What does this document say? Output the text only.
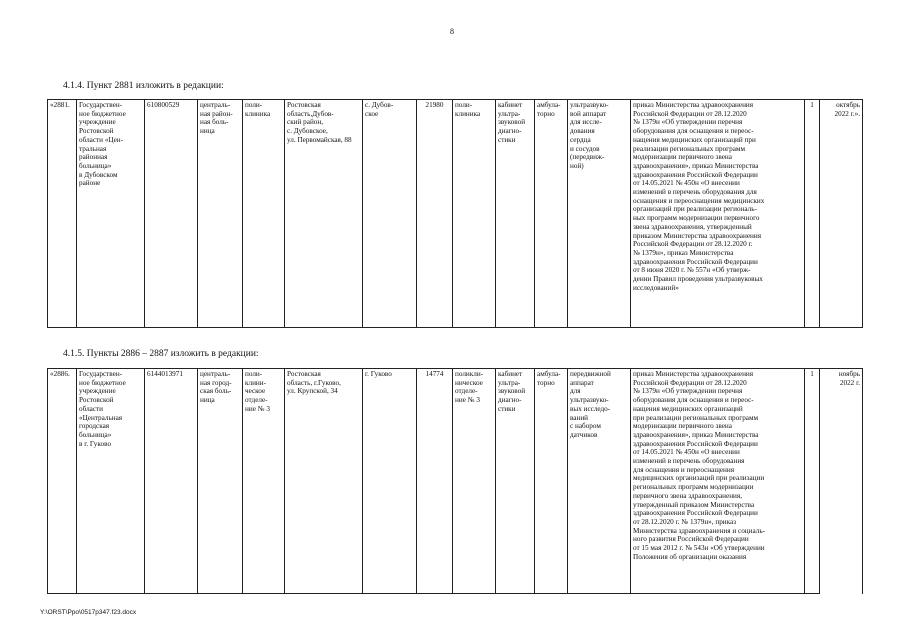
8
4.1.4. Пункт 2881 изложить в редакции:
«2881.	Государствен-
ное бюджетное
учреждение
Ростовской
области «Цен-
тральная
районная
больница»
в Дубовском
районе	610800529	централь-
ная район-
ная боль-
ница	поли-
клиника	Ростовская
область,Дубов-
ский район,
с. Дубовское,
ул. Первомайская, 88	с. Дубов-
ское	21980	поли-
клиника	кабинет
ультра-
звуковой
диагно-
стики	амбула-
торно	ультразвуко-
вой аппарат
для иссле-
дования
сердца
и сосудов
(передвиж-
ной)	приказ Министерства здравоохранения
Российской Федерации от 28.12.2020
№ 1379н «Об утверждении перечня
оборудования для оснащения и переос-
нащения медицинских организаций при
реализации региональных программ
модернизации первичного звена
здравоохранения», приказ Министерства
здравоохранения Российской Федерации
от 14.05.2021 № 450н «О внесении
изменений в перечень оборудования для
оснащения и переоснащения медицинских
организаций при реализации региональ-
ных программ модернизации первичного
звена здравоохранения, утвержденный
приказом Министерства здравоохранения
Российской Федерации от 28.12.2020 г.
№ 1379н», приказ Министерства
здравоохранения Российской Федерации
от 8 июня 2020 г. № 557н «Об утверж-
дении Правил проведения ультразвуковых
исследований»	1	октябрь
2022 г.».
4.1.5. Пункты 2886 – 2887 изложить в редакции:
«2886.	Государствен-
ное бюджетное
учреждение
Ростовской
области
«Центральная
городская
больница»
в г. Гуково	6144013971	централь-
ная город-
ская боль-
ница	поли-
клини-
ческое
отделе-
ние № 3	Ростовская
область, г.Гуково,
ул. Крупской, 34	г. Гуково	14774	поликли-
ническое
отделе-
ние № 3	кабинет
ультра-
звуковой
диагно-
стики	амбула-
торно	передвижной
аппарат
для
ультразвуко-
вых исследо-
ваний
с набором
датчиков	приказ Министерства здравоохранения
Российской Федерации от 28.12.2020
№ 1379н «Об утверждении перечня
оборудования для оснащения и переос-
нащения медицинских организаций
при реализации региональных программ
модернизации первичного звена
здравоохранения», приказ Министерства
здравоохранения Российской Федерации
от 14.05.2021 № 450н «О внесении
изменений в перечень оборудования
для оснащения и переоснащения
медицинских организаций при реализации
региональных программ модернизации
первичного звена здравоохранения,
утвержденный приказом Министерства
здравоохранения Российской Федерации
от 28.12.2020 г. № 1379н», приказ
Министерства здравоохранения и социаль-
ного развития Российской Федерации
от 15 мая 2012 г. № 543н «Об утверждении
Положения об организации оказания	1	ноябрь
2022 г.
Y:\ORST\Ppo\0517p347.f23.docx
